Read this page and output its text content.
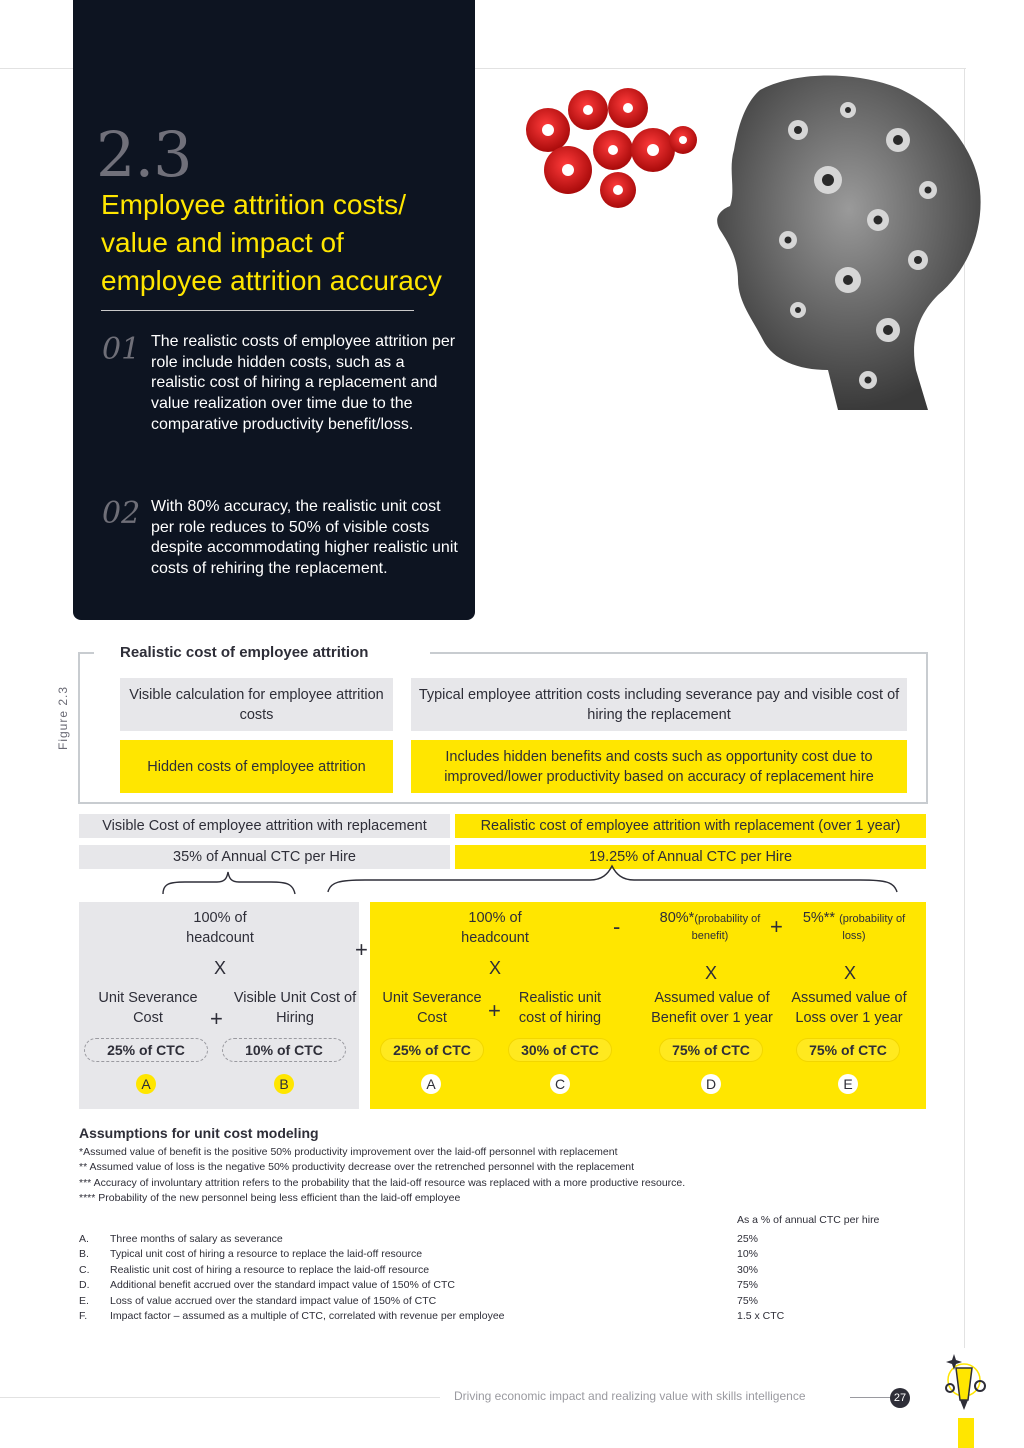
2.3
Employee attrition costs/ value and impact of employee attrition accuracy
01 The realistic costs of employee attrition per role include hidden costs, such as a realistic cost of hiring a replacement and value realization over time due to the comparative productivity benefit/loss.
02 With 80% accuracy, the realistic unit cost per role reduces to 50% of visible costs despite accommodating higher realistic unit costs of rehiring the replacement.
Figure 2.3
Realistic cost of employee attrition
Visible calculation for employee attrition costs
Typical employee attrition costs including severance pay and visible cost of hiring the replacement
Hidden costs of employee attrition
Includes hidden benefits and costs such as opportunity cost due to improved/lower productivity based on accuracy of replacement hire
Visible Cost of employee attrition with replacement	Realistic cost of employee attrition with replacement (over 1 year)
35% of Annual CTC per Hire	19.25% of Annual CTC per Hire
100% of headcount
X
Unit Severance Cost	+
Visible Unit Cost of Hiring
25% of CTC	10% of CTC
A	B
+
100% of headcount	-	80%*(probability of benefit)	+	5%** (probability of loss)
X	X	X
Unit Severance Cost	+	Realistic unit cost of hiring
Assumed value of Benefit over 1 year
Assumed value of Loss over 1 year
25% of CTC	30% of CTC	75% of CTC	75% of CTC
A	C	D	E
Assumptions for unit cost modeling
*Assumed value of benefit is the positive 50% productivity improvement over the laid-off personnel with replacement
** Assumed value of loss is the negative 50% productivity decrease over the retrenched personnel with the replacement
*** Accuracy of involuntary attrition refers to the probability that the laid-off resource was replaced with a more productive resource.
**** Probability of the new personnel being less efficient than the laid-off employee
As a % of annual CTC per hire
A. Three months of salary as severance	25%
B. Typical unit cost of hiring a resource to replace the laid-off resource	10%
C. Realistic unit cost of hiring a resource to replace the laid-off resource	30%
D. Additional benefit accrued over the standard impact value of 150% of CTC	75%
E. Loss of value accrued over the standard impact value of 150% of CTC	75%
F. Impact factor – assumed as a multiple of CTC, correlated with revenue per employee	1.5 x CTC
Driving economic impact and realizing value with skills intelligence	27
